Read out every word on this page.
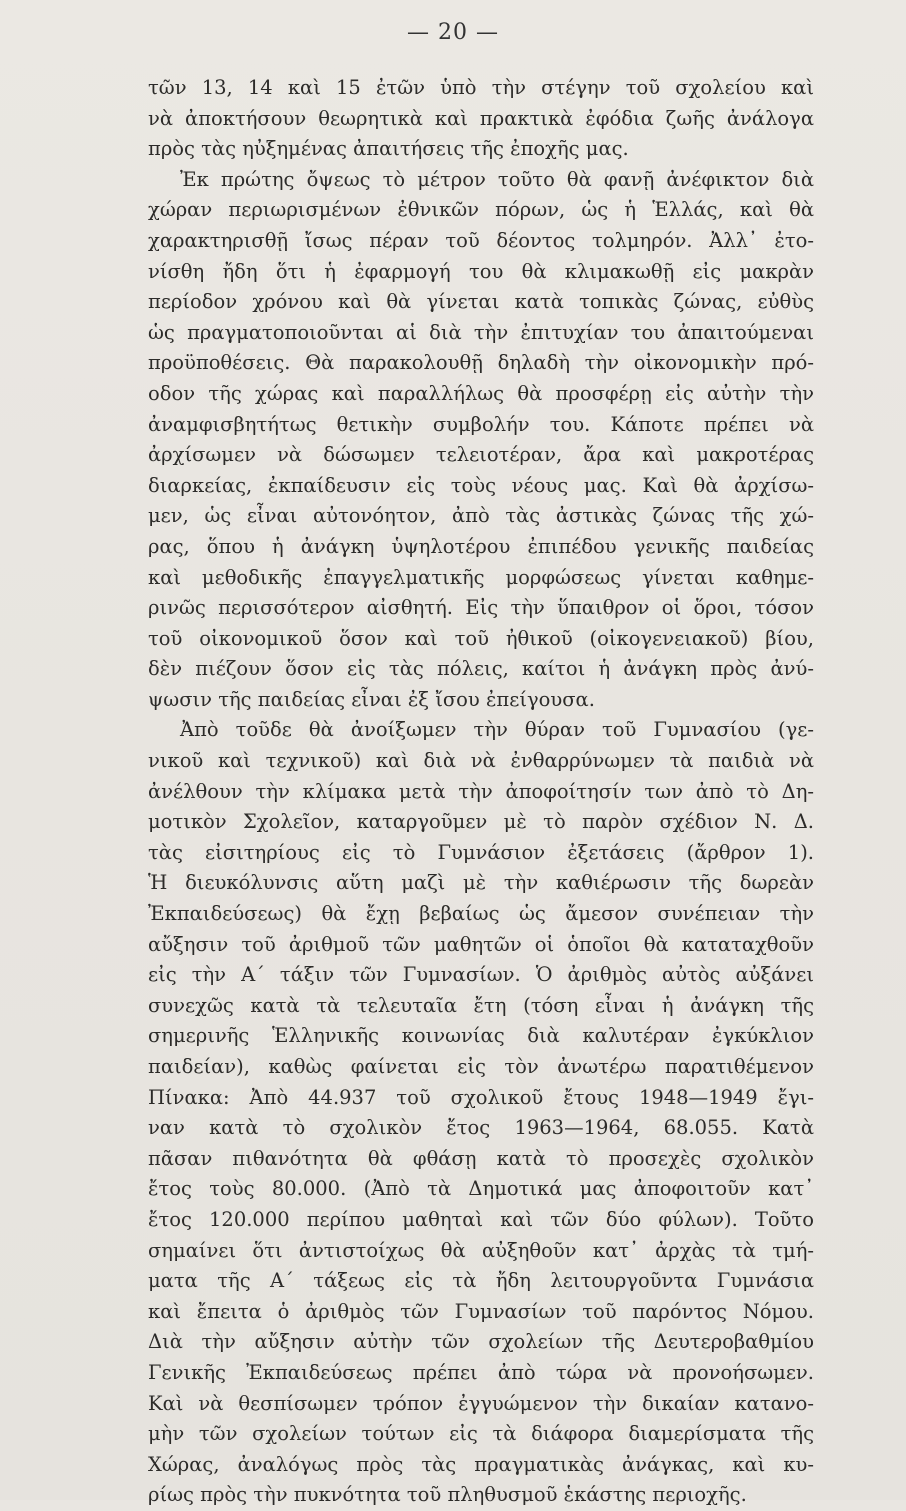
— 20 —
τῶν 13, 14 καὶ 15 ἐτῶν ὑπὸ τὴν στέγην τοῦ σχολείου καὶ
νὰ ἀποκτήσουν θεωρητικὰ καὶ πρακτικὰ ἐφόδια ζωῆς ἀνάλογα
πρὸς τὰς ηὐξημένας ἀπαιτήσεις τῆς ἐποχῆς μας.
Ἐκ πρώτης ὄψεως τὸ μέτρον τοῦτο θὰ φανῇ ἀνέφικτον διὰ
χώραν περιωρισμένων ἐθνικῶν πόρων, ὡς ἡ Ἑλλάς, καὶ θὰ
χαρακτηρισθῇ ἴσως πέραν τοῦ δέοντος τολμηρόν. Ἀλλ᾽ ἐτο-
νίσθη ἤδη ὅτι ἡ ἐφαρμογή του θὰ κλιμακωθῇ εἰς μακρὰν
περίοδον χρόνου καὶ θὰ γίνεται κατὰ τοπικὰς ζώνας, εὐθὺς
ὡς πραγματοποιοῦνται αἱ διὰ τὴν ἐπιτυχίαν του ἀπαιτούμεναι
προϋποθέσεις. Θὰ παρακολουθῇ δηλαδὴ τὴν οἰκονομικὴν πρό-
οδον τῆς χώρας καὶ παραλλήλως θὰ προσφέρῃ εἰς αὐτὴν τὴν
ἀναμφισβητήτως θετικὴν συμβολήν του. Κάποτε πρέπει νὰ
ἀρχίσωμεν νὰ δώσωμεν τελειοτέραν, ἄρα καὶ μακροτέρας
διαρκείας, ἐκπαίδευσιν εἰς τοὺς νέους μας. Καὶ θὰ ἀρχίσω-
μεν, ὡς εἶναι αὐτονόητον, ἀπὸ τὰς ἀστικὰς ζώνας τῆς χώ-
ρας, ὅπου ἡ ἀνάγκη ὑψηλοτέρου ἐπιπέδου γενικῆς παιδείας
καὶ μεθοδικῆς ἐπαγγελματικῆς μορφώσεως γίνεται καθημε-
ρινῶς περισσότερον αἰσθητή. Εἰς τὴν ὕπαιθρον οἱ ὅροι, τόσον
τοῦ οἰκονομικοῦ ὅσον καὶ τοῦ ἠθικοῦ (οἰκογενειακοῦ) βίου,
δὲν πιέζουν ὅσον εἰς τὰς πόλεις, καίτοι ἡ ἀνάγκη πρὸς ἀνύ-
ψωσιν τῆς παιδείας εἶναι ἐξ ἴσου ἐπείγουσα.
Ἀπὸ τοῦδε θὰ ἀνοίξωμεν τὴν θύραν τοῦ Γυμνασίου (γε-
νικοῦ καὶ τεχνικοῦ) καὶ διὰ νὰ ἐνθαρρύνωμεν τὰ παιδιὰ νὰ
ἀνέλθουν τὴν κλίμακα μετὰ τὴν ἀποφοίτησίν των ἀπὸ τὸ Δη-
μοτικὸν Σχολεῖον, καταργοῦμεν μὲ τὸ παρὸν σχέδιον Ν. Δ.
τὰς εἰσιτηρίους εἰς τὸ Γυμνάσιον ἐξετάσεις (ἄρθρον 1).
Ἡ διευκόλυνσις αὕτη μαζὶ μὲ τὴν καθιέρωσιν τῆς δωρεὰν
Ἐκπαιδεύσεως) θὰ ἔχῃ βεβαίως ὡς ἄμεσον συνέπειαν τὴν
αὔξησιν τοῦ ἀριθμοῦ τῶν μαθητῶν οἱ ὁποῖοι θὰ καταταχθοῦν
εἰς τὴν Α΄ τάξιν τῶν Γυμνασίων. Ὁ ἀριθμὸς αὐτὸς αὐξάνει
συνεχῶς κατὰ τὰ τελευταῖα ἔτη (τόση εἶναι ἡ ἀνάγκη τῆς
σημερινῆς Ἑλληνικῆς κοινωνίας διὰ καλυτέραν ἐγκύκλιον
παιδείαν), καθὼς φαίνεται εἰς τὸν ἀνωτέρω παρατιθέμενον
Πίνακα: Ἀπὸ 44.937 τοῦ σχολικοῦ ἔτους 1948—1949 ἔγι-
ναν κατὰ τὸ σχολικὸν ἔτος 1963—1964, 68.055. Κατὰ
πᾶσαν πιθανότητα θὰ φθάσῃ κατὰ τὸ προσεχὲς σχολικὸν
ἔτος τοὺς 80.000. (Ἀπὸ τὰ Δημοτικά μας ἀποφοιτοῦν κατ᾽
ἔτος 120.000 περίπου μαθηταὶ καὶ τῶν δύο φύλων). Τοῦτο
σημαίνει ὅτι ἀντιστοίχως θὰ αὐξηθοῦν κατ᾽ ἀρχὰς τὰ τμή-
ματα τῆς Α΄ τάξεως εἰς τὰ ἤδη λειτουργοῦντα Γυμνάσια
καὶ ἔπειτα ὁ ἀριθμὸς τῶν Γυμνασίων τοῦ παρόντος Νόμου.
Διὰ τὴν αὔξησιν αὐτὴν τῶν σχολείων τῆς Δευτεροβαθμίου
Γενικῆς Ἐκπαιδεύσεως πρέπει ἀπὸ τώρα νὰ προνοήσωμεν.
Καὶ νὰ θεσπίσωμεν τρόπον ἐγγυώμενον τὴν δικαίαν κατανο-
μὴν τῶν σχολείων τούτων εἰς τὰ διάφορα διαμερίσματα τῆς
Χώρας, ἀναλόγως πρὸς τὰς πραγματικὰς ἀνάγκας, καὶ κυ-
ρίως πρὸς τὴν πυκνότητα τοῦ πληθυσμοῦ ἑκάστης περιοχῆς.
